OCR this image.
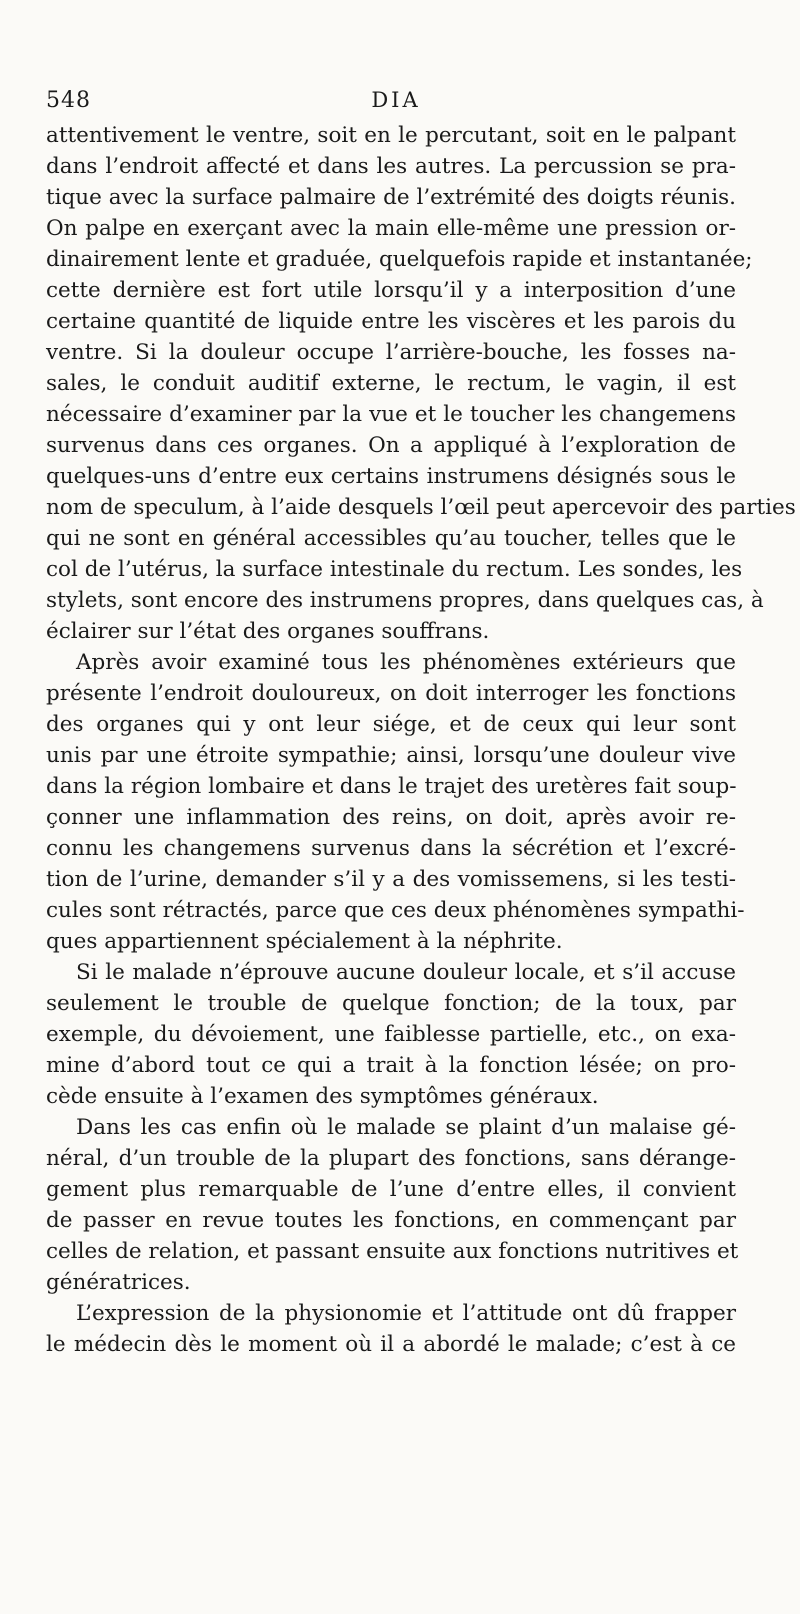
548	DIA
attentivement le ventre, soit en le percutant, soit en le palpant
dans l’endroit affecté et dans les autres. La percussion se pra-
tique avec la surface palmaire de l’extrémité des doigts réunis.
On palpe en exerçant avec la main elle-même une pression or-
dinairement lente et graduée, quelquefois rapide et instantanée;
cette dernière est fort utile lorsqu’il y a interposition d’une
certaine quantité de liquide entre les viscères et les parois du
ventre. Si la douleur occupe l’arrière-bouche, les fosses na-
sales, le conduit auditif externe, le rectum, le vagin, il est
nécessaire d’examiner par la vue et le toucher les changemens
survenus dans ces organes. On a appliqué à l’exploration de
quelques-uns d’entre eux certains instrumens désignés sous le
nom de speculum, à l’aide desquels l’œil peut apercevoir des parties
qui ne sont en général accessibles qu’au toucher, telles que le
col de l’utérus, la surface intestinale du rectum. Les sondes, les
stylets, sont encore des instrumens propres, dans quelques cas, à
éclairer sur l’état des organes souffrans.
Après avoir examiné tous les phénomènes extérieurs que
présente l’endroit douloureux, on doit interroger les fonctions
des organes qui y ont leur siége, et de ceux qui leur sont
unis par une étroite sympathie; ainsi, lorsqu’une douleur vive
dans la région lombaire et dans le trajet des uretères fait soup-
çonner une inflammation des reins, on doit, après avoir re-
connu les changemens survenus dans la sécrétion et l’excré-
tion de l’urine, demander s’il y a des vomissemens, si les testi-
cules sont rétractés, parce que ces deux phénomènes sympathi-
ques appartiennent spécialement à la néphrite.
Si le malade n’éprouve aucune douleur locale, et s’il accuse
seulement le trouble de quelque fonction; de la toux, par
exemple, du dévoiement, une faiblesse partielle, etc., on exa-
mine d’abord tout ce qui a trait à la fonction lésée; on pro-
cède ensuite à l’examen des symptômes généraux.
Dans les cas enfin où le malade se plaint d’un malaise gé-
néral, d’un trouble de la plupart des fonctions, sans dérange-
gement plus remarquable de l’une d’entre elles, il convient
de passer en revue toutes les fonctions, en commençant par
celles de relation, et passant ensuite aux fonctions nutritives et
génératrices.
L’expression de la physionomie et l’attitude ont dû frapper
le médecin dès le moment où il a abordé le malade; c’est à ce
